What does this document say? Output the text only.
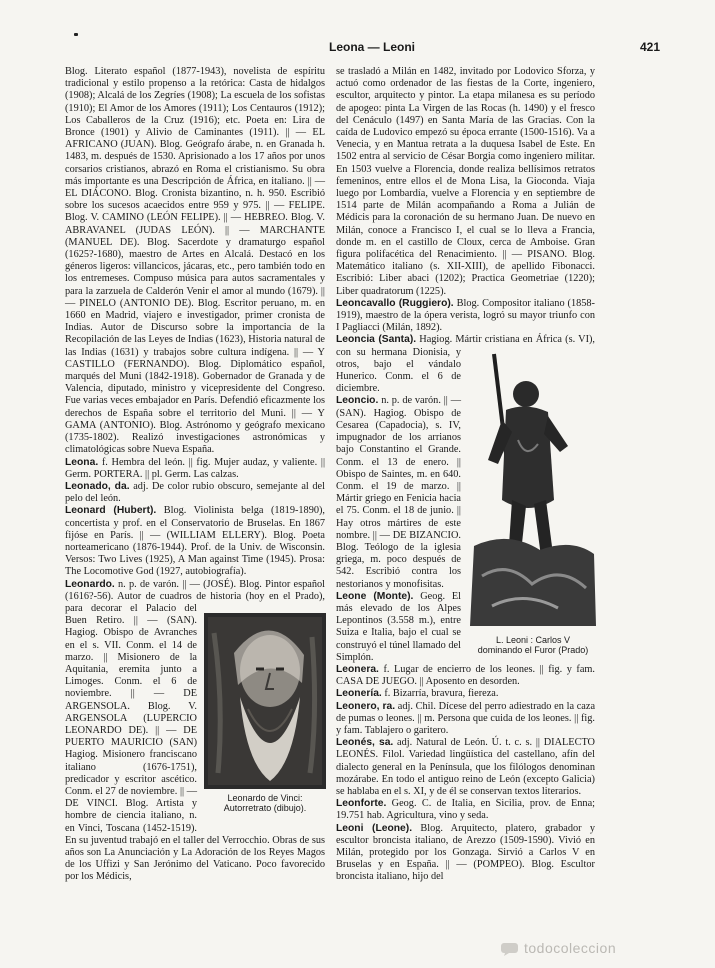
Leona — Leoni	421

Blog. Literato español (1877-1943), novelista de espíritu tradicional y estilo propenso a la retórica: Casta de hidalgos (1908); Alcalá de los Zegríes (1908); La escuela de los sofistas (1910); El Amor de los Amores (1911); Los Centauros (1912); Los Caballeros de la Cruz (1916); etc. Poeta en: Lira de Bronce (1901) y Alivio de Caminantes (1911). || — EL AFRICANO (JUAN). Blog. Geógrafo árabe, n. en Granada h. 1483, m. después de 1530. Aprisionado a los 17 años por unos corsarios cristianos, abrazó en Roma el cristianismo. Su obra más importante es una Descripción de África, en italiano. || — EL DIÁCONO. Blog. Cronista bizantino, n. h. 950. Escribió sobre los sucesos acaecidos entre 959 y 975. || — FELIPE. Blog. V. CAMINO (LEÓN FELIPE). || — HEBREO. Blog. V. ABRAVANEL (JUDAS LEÓN). || — MARCHANTE (MANUEL DE). Blog. Sacerdote y dramaturgo español (1625?-1680), maestro de Artes en Alcalá. Destacó en los géneros ligeros: villancicos, jácaras, etc., pero también todo en los entremeses. Compuso música para autos sacramentales y para la zarzuela de Calderón Venir el amor al mundo (1679). || — PINELO (ANTONIO DE). Blog. Escritor peruano, m. en 1660 en Madrid, viajero e investigador, primer cronista de Indias. Autor de Discurso sobre la importancia de la Recopilación de las Leyes de Indias (1623), Historia natural de las Indias (1631) y trabajos sobre cultura indígena. || — Y CASTILLO (FERNANDO). Blog. Diplomático español, marqués del Muni (1842-1918). Gobernador de Granada y de Valencia, diputado, ministro y vicepresidente del Congreso. Fue varias veces embajador en París. Defendió eficazmente los derechos de España sobre el territorio del Muni. || — Y GAMA (ANTONIO). Blog. Astrónomo y geógrafo mexicano (1735-1802). Realizó investigaciones astronómicas y climatológicas sobre Nueva España.

Leona. f. Hembra del león. || fig. Mujer audaz, y valiente. || Germ. PORTERA. || pl. Germ. Las calzas.

Leonado, da. adj. De color rubio obscuro, semejante al del pelo del león.

Leonard (Hubert). Blog. Violinista belga (1819-1890), concertista y prof. en el Conservatorio de Bruselas. En 1867 fijóse en París. || — (WILLIAM ELLERY). Blog. Poeta norteamericano (1876-1944). Prof. de la Univ. de Wisconsin. Versos: Two Lives (1925), A Man against Time (1945). Prosa: The Locomotive God (1927, autobiografía).

Leonardo. n. p. de varón. || — (JOSÉ). Blog. Pintor español (1616?-56). Autor de cuadros de historia (hoy en el Prado), para decorar el Palacio del Buen Retiro. || — (SAN). Hagiog. Obispo de Avranches en el s. VII. Conm. el 14 de marzo. || Misionero de la Aquitania, eremita junto a Limoges. Conm. el 6 de noviembre. || — DE ARGENSOLA. Blog. V. ARGENSOLA (LUPERCIO LEONARDO DE). || — DE PUERTO MAURICIO (SAN) Hagiog. Misionero franciscano italiano (1676-1751), predicador y escritor ascético. Conm. el 27 de noviembre. || — DE VINCI. Blog. Artista y hombre de ciencia italiano, n. en Vinci, Toscana (1452-1519). En su juventud trabajó en el taller del Verrocchio. Obras de sus años son La Anunciación y La Adoración de los Reyes Magos de los Uffizi y San Jerónimo del Vaticano. Poco favorecido por los Médicis,

se trasladó a Milán en 1482, invitado por Lodovico Sforza, y actuó como ordenador de las fiestas de la Corte, ingeniero, escultor, arquitecto y pintor. La etapa milanesa es su período de apogeo: pinta La Virgen de las Rocas (h. 1490) y el fresco del Cenáculo (1497) en Santa María de las Gracias. Con la caída de Ludovico empezó su época errante (1500-1516). Va a Venecia, y en Mantua retrata a la duquesa Isabel de Este. En 1502 entra al servicio de César Borgia como ingeniero militar. En 1503 vuelve a Florencia, donde realiza bellísimos retratos femeninos, entre ellos el de Mona Lisa, la Gioconda. Viaja luego por Lombardía, vuelve a Florencia y en septiembre de 1514 parte de Milán acompañando a Roma a Julián de Médicis para la coronación de su hermano Juan. De nuevo en Milán, conoce a Francisco I, el cual se lo lleva a Francia, donde m. en el castillo de Cloux, cerca de Amboise. Gran figura polifacética del Renacimiento. || — PISANO. Blog. Matemático italiano (s. XII-XIII), de apellido Fibonacci. Escribió: Liber abaci (1202); Practica Geometriae (1220); Liber quadratorum (1225).

Leoncavallo (Ruggiero). Blog. Compositor italiano (1858-1919), maestro de la ópera verista, logró su mayor triunfo con I Pagliacci (Milán, 1892).

Leoncia (Santa). Hagiog. Mártir cristiana en África (s. VI), con su hermana Dionisia, y otros, bajo el vándalo Hunerico. Conm. el 6 de diciembre.

Leoncio. n. p. de varón. || — (SAN). Hagiog. Obispo de Cesarea (Capadocia), s. IV, impugnador de los arrianos bajo Constantino el Grande. Conm. el 13 de enero. || Obispo de Saintes, m. en 640. Conm. el 19 de marzo. || Mártir griego en Fenicia hacia el 75. Conm. el 18 de junio. || Hay otros mártires de este nombre. || — DE BIZANCIO. Blog. Teólogo de la iglesia griega, m. poco después de 542. Escribió contra los nestorianos y monofisitas.

Leone (Monte). Geog. El más elevado de los Alpes Lepontinos (3.558 m.), entre Suiza e Italia, bajo el cual se construyó el túnel llamado del Simplón.

Leonera. f. Lugar de encierro de los leones. || fig. y fam. CASA DE JUEGO. || Aposento en desorden.

Leonería. f. Bizarría, bravura, fiereza.

Leonero, ra. adj. Chil. Dícese del perro adiestrado en la caza de pumas o leones. || m. Persona que cuida de los leones. || fig. y fam. Tablajero o garitero.

Leonés, sa. adj. Natural de León. Ú. t. c. s. || DIALECTO LEONÉS. Filol. Variedad lingüística del castellano, afín del dialecto general en la Península, que los filólogos denominan mozárabe. En todo el antiguo reino de León (excepto Galicia) se hablaba en el s. XI, y de él se conservan textos literarios.

Leonforte. Geog. C. de Italia, en Sicilia, prov. de Enna; 19.751 hab. Agricultura, vino y seda.

Leoni (Leone). Blog. Arquitecto, platero, grabador y escultor broncista italiano, de Arezzo (1509-1590). Vivió en Milán, protegido por los Gonzaga. Sirvió a Carlos V en Bruselas y en España. || — (POMPEO). Blog. Escultor broncista italiano, hijo del

Leonardo de Vinci:
Autorretrato (dibujo).
L. Leoni : Carlos V
dominando el Furor (Prado)
todocoleccion
